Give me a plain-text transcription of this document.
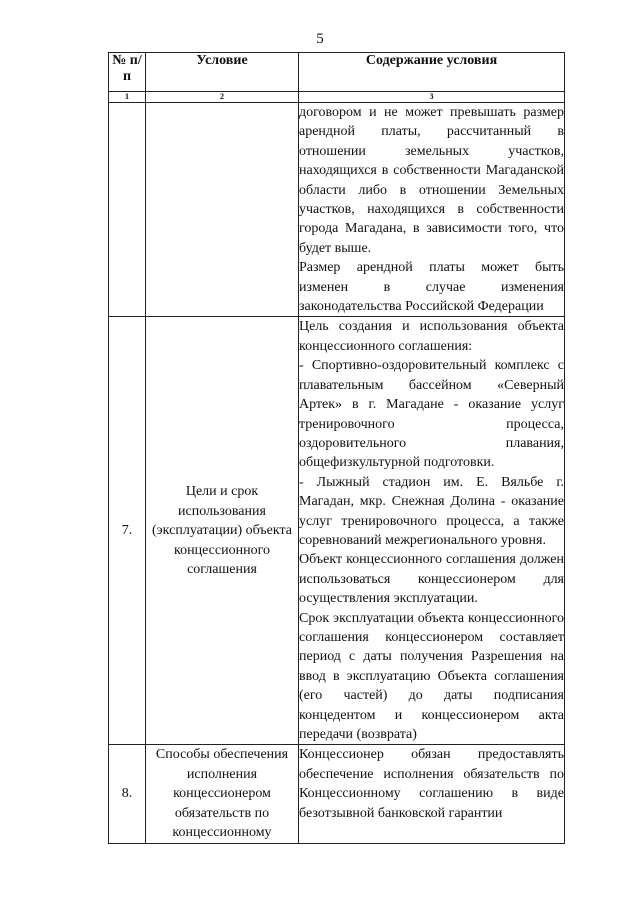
5
№ п/п	Условие	Содержание условия
1	2	3

		договором и не может превышать размер арендной платы, рассчитанный в отношении земельных участков, находящихся в собственности Магаданской области либо в отношении Земельных участков, находящихся в собственности города Магадана, в зависимости того, что будет выше.

Размер арендной платы может быть изменен в случае изменения законодательства Российской Федерации

7.	Цели и срок использования (эксплуатации) объекта концессионного соглашения	Цель создания и использования объекта концессионного соглашения:

- Спортивно-оздоровительный комплекс с плавательным бассейном «Северный Артек» в г. Магадане - оказание услуг тренировочного процесса, оздоровительного плавания, общефизкультурной подготовки.

- Лыжный стадион им. Е. Вяльбе г. Магадан, мкр. Снежная Долина - оказание услуг тренировочного процесса, а также соревнований межрегионального уровня.

Объект концессионного соглашения должен использоваться концессионером для осуществления эксплуатации.

Срок эксплуатации объекта концессионного соглашения концессионером составляет период с даты получения Разрешения на ввод в эксплуатацию Объекта соглашения (его частей) до даты подписания концедентом и концессионером акта передачи (возврата)

8.	Способы обеспечения исполнения концессионером обязательств по концессионному	Концессионер обязан предоставлять обеспечение исполнения обязательств по Концессионному соглашению в виде безотзывной банковской гарантии
